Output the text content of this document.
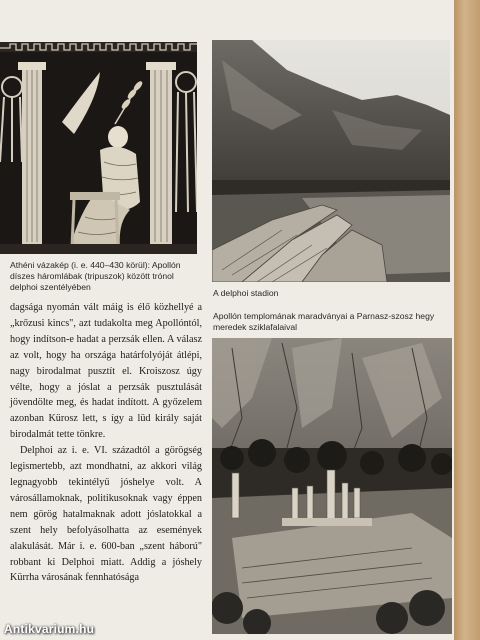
Athéni vázakép (i. e. 440–430 körül): Apollón díszes háromlábak (tripuszok) között trónol delphoi szentélyében
A delphoi stadion
Apollón templomának maradványai a Parnasz-szosz hegy meredek sziklafalaival

dagsága nyomán vált máig is élő közhellyé a „krőzusi kincs", azt tudakolta meg Apollóntól, hogy indítson-e hadat a perzsák ellen. A válasz az volt, hogy ha országa határfolyóját átlépi, nagy birodalmat pusztít el. Kroiszosz úgy vélte, hogy a jóslat a perzsák pusztulását jövendölte meg, és hadat indított. A győzelem azonban Kürosz lett, s így a lüd király saját birodalmát tette tönkre.

Delphoi az i. e. VI. századtól a görögség legismertebb, azt mondhatni, az akkori világ legnagyobb tekintélyű jóshelye volt. A városállamoknak, politikusoknak vagy éppen nem görög hatalmaknak adott jóslatokkal a szent hely befolyásolhatta az események alakulását. Már i. e. 600-ban „szent háború" robbant ki Delphoi miatt. Addig a jóshely Kürrha városának fennhatósága

Antikvarium.hu
